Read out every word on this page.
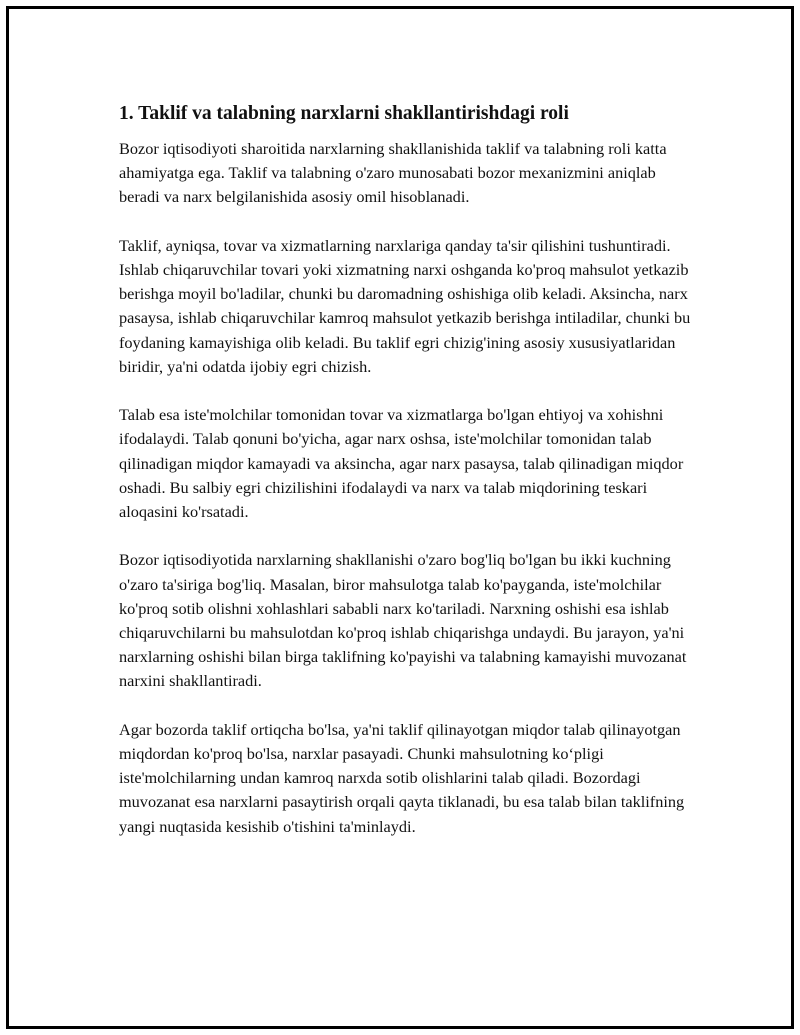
1. Taklif va talabning narxlarni shakllantirishdagi roli

Bozor iqtisodiyoti sharoitida narxlarning shakllanishida taklif va talabning roli katta ahamiyatga ega. Taklif va talabning o'zaro munosabati bozor mexanizmini aniqlab beradi va narx belgilanishida asosiy omil hisoblanadi.

Taklif, ayniqsa, tovar va xizmatlarning narxlariga qanday ta'sir qilishini tushuntiradi. Ishlab chiqaruvchilar tovari yoki xizmatning narxi oshganda ko'proq mahsulot yetkazib berishga moyil bo'ladilar, chunki bu daromadning oshishiga olib keladi. Aksincha, narx pasaysa, ishlab chiqaruvchilar kamroq mahsulot yetkazib berishga intiladilar, chunki bu foydaning kamayishiga olib keladi. Bu taklif egri chizig'ining asosiy xususiyatlaridan biridir, ya'ni odatda ijobiy egri chizish.

Talab esa iste'molchilar tomonidan tovar va xizmatlarga bo'lgan ehtiyoj va xohishni ifodalaydi. Talab qonuni bo'yicha, agar narx oshsa, iste'molchilar tomonidan talab qilinadigan miqdor kamayadi va aksincha, agar narx pasaysa, talab qilinadigan miqdor oshadi. Bu salbiy egri chizilishini ifodalaydi va narx va talab miqdorining teskari aloqasini ko'rsatadi.

Bozor iqtisodiyotida narxlarning shakllanishi o'zaro bog'liq bo'lgan bu ikki kuchning o'zaro ta'siriga bog'liq. Masalan, biror mahsulotga talab ko'payganda, iste'molchilar ko'proq sotib olishni xohlashlari sababli narx ko'tariladi. Narxning oshishi esa ishlab chiqaruvchilarni bu mahsulotdan ko'proq ishlab chiqarishga undaydi. Bu jarayon, ya'ni narxlarning oshishi bilan birga taklifning ko'payishi va talabning kamayishi muvozanat narxini shakllantiradi.

Agar bozorda taklif ortiqcha bo'lsa, ya'ni taklif qilinayotgan miqdor talab qilinayotgan miqdordan ko'proq bo'lsa, narxlar pasayadi. Chunki mahsulotning ko‘pligi iste'molchilarning undan kamroq narxda sotib olishlarini talab qiladi. Bozordagi muvozanat esa narxlarni pasaytirish orqali qayta tiklanadi, bu esa talab bilan taklifning yangi nuqtasida kesishib o'tishini ta'minlaydi.
